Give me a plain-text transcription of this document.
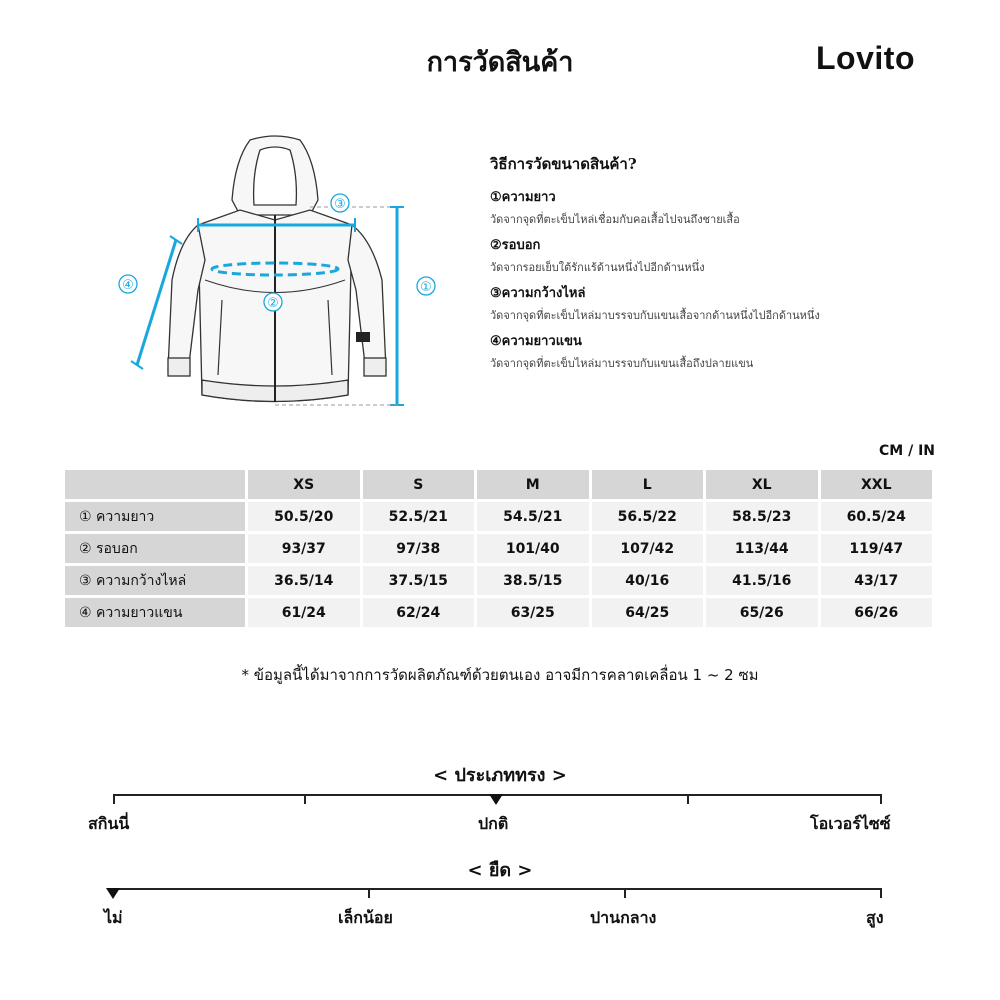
การวัดสินค้า	Lovito
③
②
①
④
วิธีการวัดขนาดสินค้า?
①ความยาว
วัดจากจุดที่ตะเข็บไหล่เชื่อมกับคอเสื้อไปจนถึงชายเสื้อ
②รอบอก
วัดจากรอยเย็บใต้รักแร้ด้านหนึ่งไปอีกด้านหนึ่ง
③ความกว้างไหล่
วัดจากจุดที่ตะเข็บไหล่มาบรรจบกับแขนเสื้อจากด้านหนึ่งไปอีกด้านหนึ่ง
④ความยาวแขน
วัดจากจุดที่ตะเข็บไหล่มาบรรจบกับแขนเสื้อถึงปลายแขน
CM / IN
	XS	S	M	L	XL	XXL
① ความยาว	50.5/20	52.5/21	54.5/21	56.5/22	58.5/23	60.5/24
② รอบอก	93/37	97/38	101/40	107/42	113/44	119/47
③ ความกว้างไหล่	36.5/14	37.5/15	38.5/15	40/16	41.5/16	43/17
④ ความยาวแขน	61/24	62/24	63/25	64/25	65/26	66/26
* ข้อมูลนี้ได้มาจากการวัดผลิตภัณฑ์ด้วยตนเอง อาจมีการคลาดเคลื่อน 1 ~ 2 ซม
< ประเภททรง >
สกินนี่	ปกติ	โอเวอร์ไซซ์
< ยืด >
ไม่	เล็กน้อย	ปานกลาง	สูง
